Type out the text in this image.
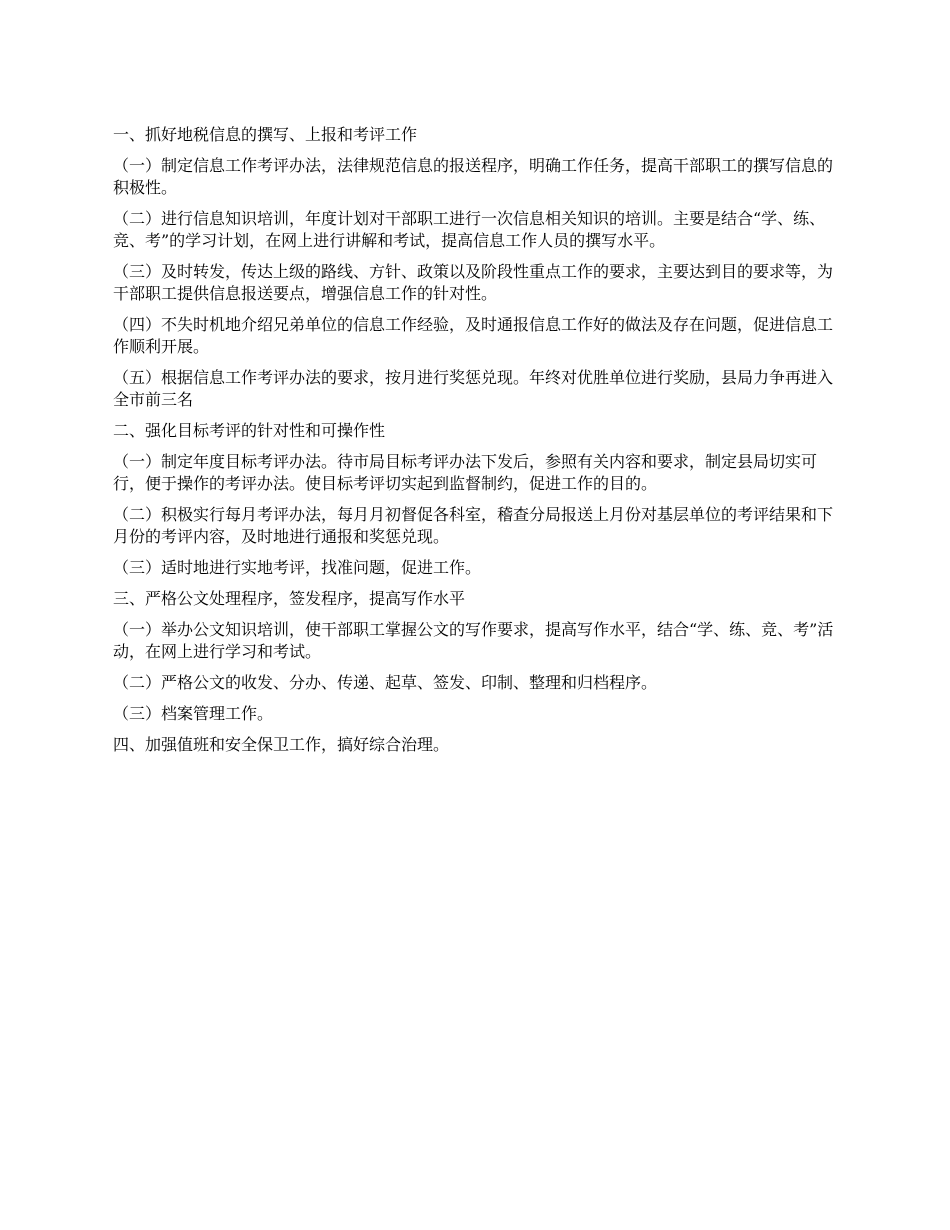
一、抓好地税信息的撰写、上报和考评工作

（一）制定信息工作考评办法，法律规范信息的报送程序，明确工作任务，提高干部职工的撰写信息的积极性。

（二）进行信息知识培训，年度计划对干部职工进行一次信息相关知识的培训。主要是结合“学、练、竞、考”的学习计划，在网上进行讲解和考试，提高信息工作人员的撰写水平。

（三）及时转发，传达上级的路线、方针、政策以及阶段性重点工作的要求，主要达到目的要求等，为干部职工提供信息报送要点，增强信息工作的针对性。

（四）不失时机地介绍兄弟单位的信息工作经验，及时通报信息工作好的做法及存在问题，促进信息工作顺利开展。

（五）根据信息工作考评办法的要求，按月进行奖惩兑现。年终对优胜单位进行奖励，县局力争再进入全市前三名

二、强化目标考评的针对性和可操作性

（一）制定年度目标考评办法。待市局目标考评办法下发后，参照有关内容和要求，制定县局切实可行，便于操作的考评办法。使目标考评切实起到监督制约，促进工作的目的。

（二）积极实行每月考评办法，每月月初督促各科室，稽查分局报送上月份对基层单位的考评结果和下月份的考评内容，及时地进行通报和奖惩兑现。

（三）适时地进行实地考评，找准问题，促进工作。

三、严格公文处理程序，签发程序，提高写作水平

（一）举办公文知识培训，使干部职工掌握公文的写作要求，提高写作水平，结合“学、练、竞、考”活动，在网上进行学习和考试。

（二）严格公文的收发、分办、传递、起草、签发、印制、整理和归档程序。

（三）档案管理工作。

四、加强值班和安全保卫工作，搞好综合治理。
